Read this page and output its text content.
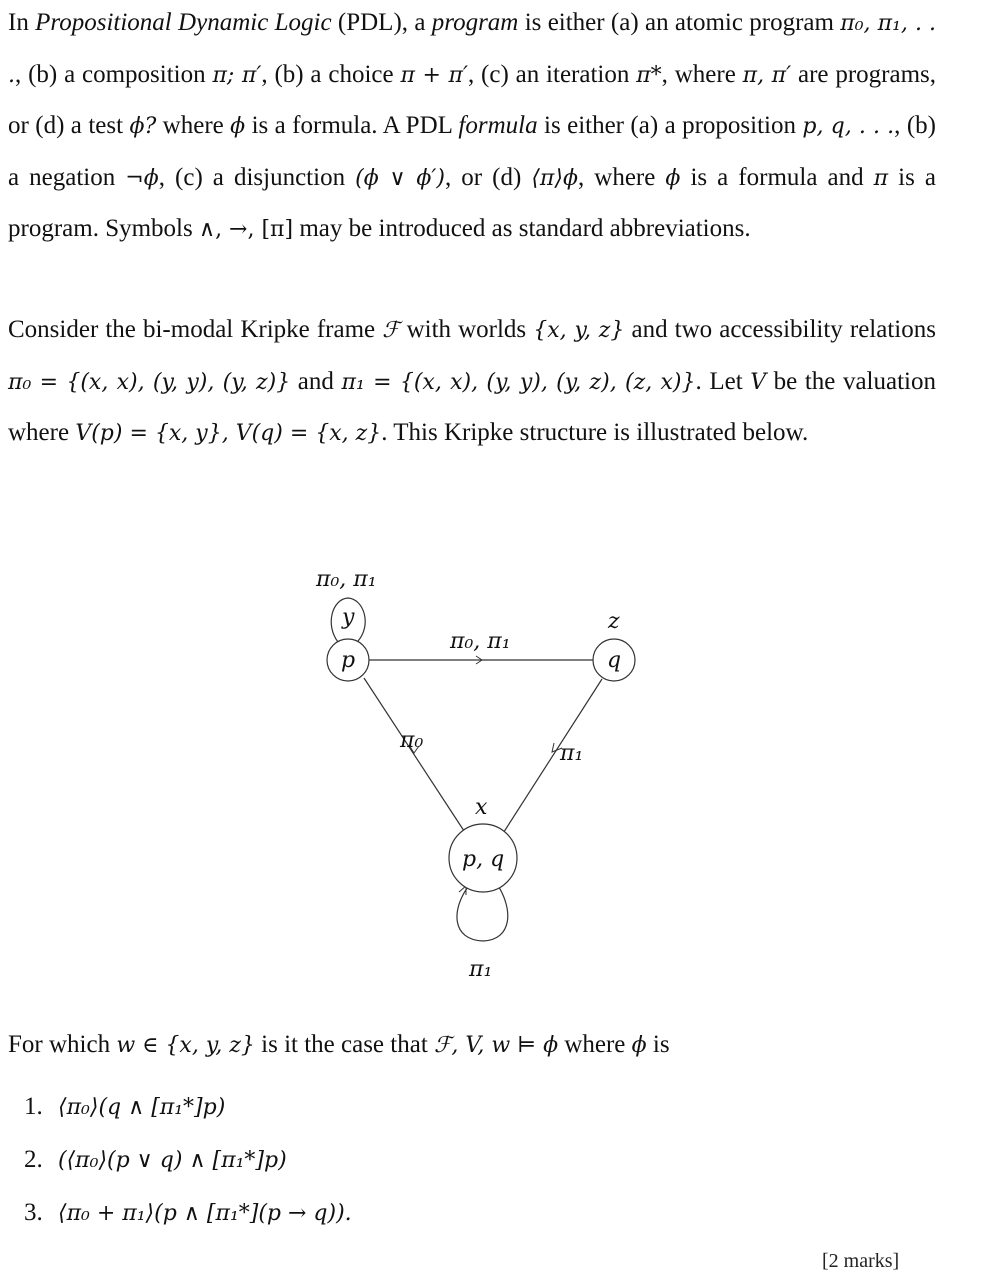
In Propositional Dynamic Logic (PDL), a program is either (a) an atomic program π₀, π₁, . . ., (b) a composition π; π′, (b) a choice π + π′, (c) an iteration π*, where π, π′ are programs, or (d) a test ϕ? where ϕ is a formula. A PDL formula is either (a) a proposition p, q, . . ., (b) a negation ¬ϕ, (c) a disjunction (ϕ ∨ ϕ′), or (d) ⟨π⟩ϕ, where ϕ is a formula and π is a program. Symbols ∧, →, [π] may be introduced as standard abbreviations.

Consider the bi-modal Kripke frame ℱ with worlds {x, y, z} and two accessibility relations π₀ = {(x, x), (y, y), (y, z)} and π₁ = {(x, x), (y, y), (y, z), (z, x)}. Let V be the valuation where V(p) = {x, y}, V(q) = {x, z}. This Kripke structure is illustrated below.

π₀, π₁
y
p
z
q
x
p, q
π₁
π₀, π₁
π₀
π₁
For which w ∈ {x, y, z} is it the case that ℱ, V, w ⊨ ϕ where ϕ is
1. ⟨π₀⟩(q ∧ [π₁*]p)
2. (⟨π₀⟩(p ∨ q) ∧ [π₁*]p)
3. ⟨π₀ + π₁⟩(p ∧ [π₁*](p → q)).
[2 marks]
